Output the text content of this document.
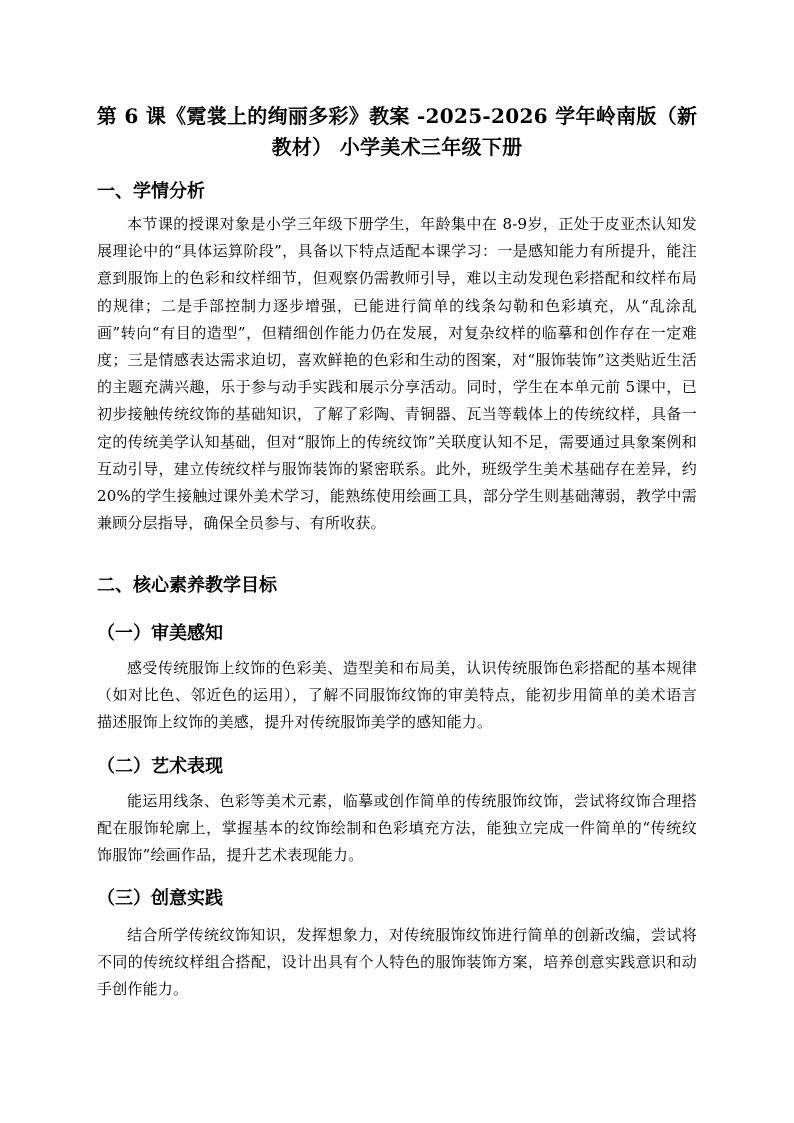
第 6 课《霓裳上的绚丽多彩》教案 -2025-2026 学年岭南版（新教材） 小学美术三年级下册
一、学情分析

本节课的授课对象是小学三年级下册学生，年龄集中在 8-9岁，正处于皮亚杰认知发展理论中的“具体运算阶段”，具备以下特点适配本课学习：一是感知能力有所提升，能注意到服饰上的色彩和纹样细节，但观察仍需教师引导，难以主动发现色彩搭配和纹样布局的规律；二是手部控制力逐步增强，已能进行简单的线条勾勒和色彩填充，从“乱涂乱画”转向“有目的造型”，但精细创作能力仍在发展，对复杂纹样的临摹和创作存在一定难度；三是情感表达需求迫切，喜欢鲜艳的色彩和生动的图案，对“服饰装饰”这类贴近生活的主题充满兴趣，乐于参与动手实践和展示分享活动。同时，学生在本单元前 5课中，已初步接触传统纹饰的基础知识，了解了彩陶、青铜器、瓦当等载体上的传统纹样，具备一定的传统美学认知基础，但对“服饰上的传统纹饰”关联度认知不足，需要通过具象案例和互动引导，建立传统纹样与服饰装饰的紧密联系。此外，班级学生美术基础存在差异，约 20%的学生接触过课外美术学习，能熟练使用绘画工具，部分学生则基础薄弱，教学中需兼顾分层指导，确保全员参与、有所收获。

二、核心素养教学目标
（一）审美感知

感受传统服饰上纹饰的色彩美、造型美和布局美，认识传统服饰色彩搭配的基本规律（如对比色、邻近色的运用），了解不同服饰纹饰的审美特点，能初步用简单的美术语言描述服饰上纹饰的美感，提升对传统服饰美学的感知能力。

（二）艺术表现

能运用线条、色彩等美术元素，临摹或创作简单的传统服饰纹饰，尝试将纹饰合理搭配在服饰轮廓上，掌握基本的纹饰绘制和色彩填充方法，能独立完成一件简单的“传统纹饰服饰”绘画作品，提升艺术表现能力。

（三）创意实践

结合所学传统纹饰知识，发挥想象力，对传统服饰纹饰进行简单的创新改编，尝试将不同的传统纹样组合搭配，设计出具有个人特色的服饰装饰方案，培养创意实践意识和动手创作能力。
